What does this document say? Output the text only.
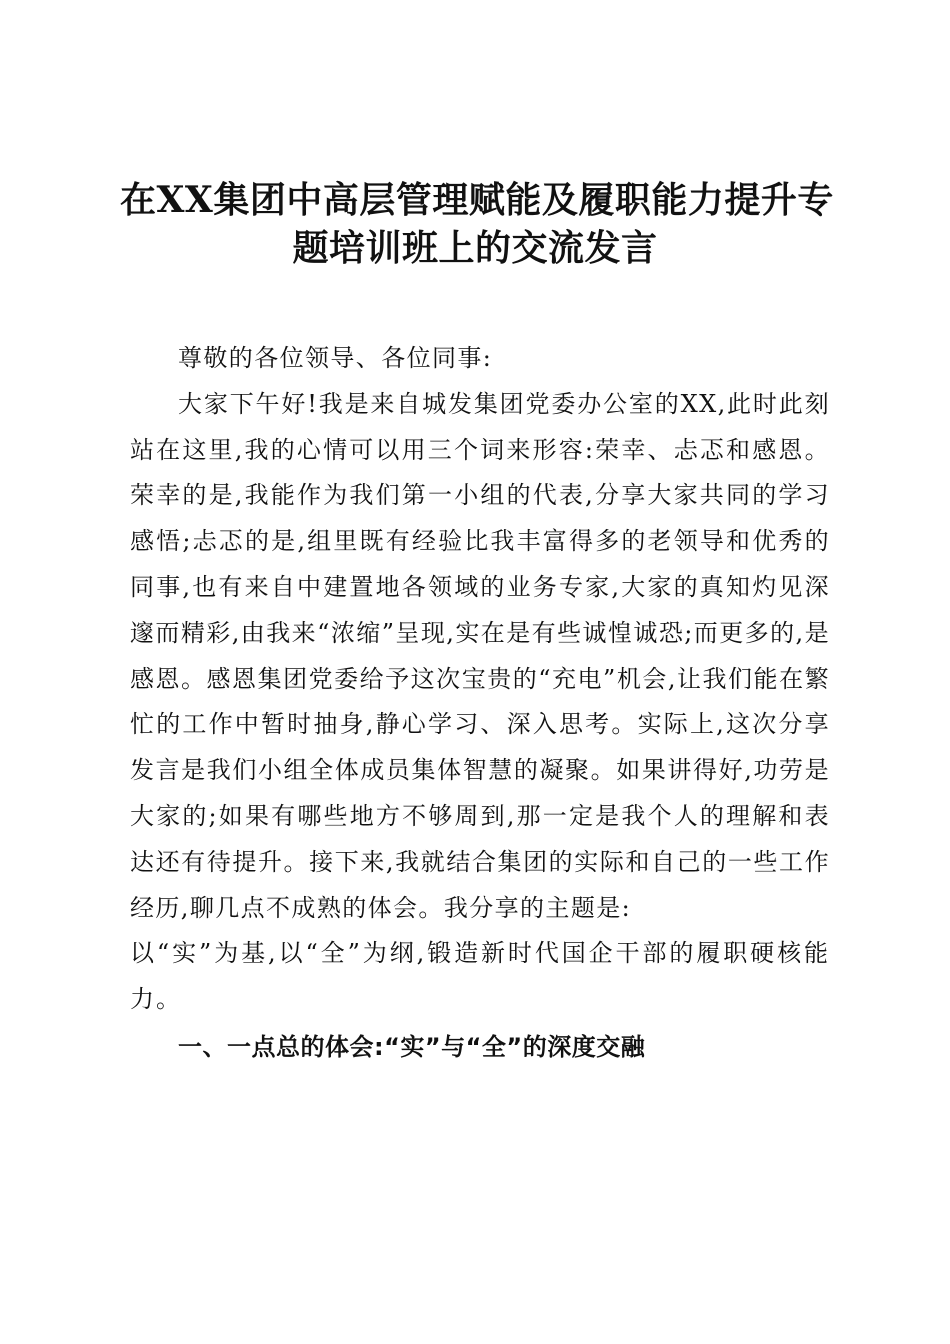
在XX集团中高层管理赋能及履职能力提升专
题培训班上的交流发言

尊敬的各位领导、各位同事:

大家下午好!我是来自城发集团党委办公室的XX,此时此刻站在这里,我的心情可以用三个词来形容:荣幸、忐忑和感恩。荣幸的是,我能作为我们第一小组的代表,分享大家共同的学习感悟;忐忑的是,组里既有经验比我丰富得多的老领导和优秀的同事,也有来自中建置地各领域的业务专家,大家的真知灼见深邃而精彩,由我来“浓缩”呈现,实在是有些诚惶诚恐;而更多的,是感恩。感恩集团党委给予这次宝贵的“充电”机会,让我们能在繁忙的工作中暂时抽身,静心学习、深入思考。实际上,这次分享发言是我们小组全体成员集体智慧的凝聚。如果讲得好,功劳是大家的;如果有哪些地方不够周到,那一定是我个人的理解和表达还有待提升。接下来,我就结合集团的实际和自己的一些工作经历,聊几点不成熟的体会。我分享的主题是:

以“实”为基,以“全”为纲,锻造新时代国企干部的履职硬核能力。

一、一点总的体会:“实”与“全”的深度交融
